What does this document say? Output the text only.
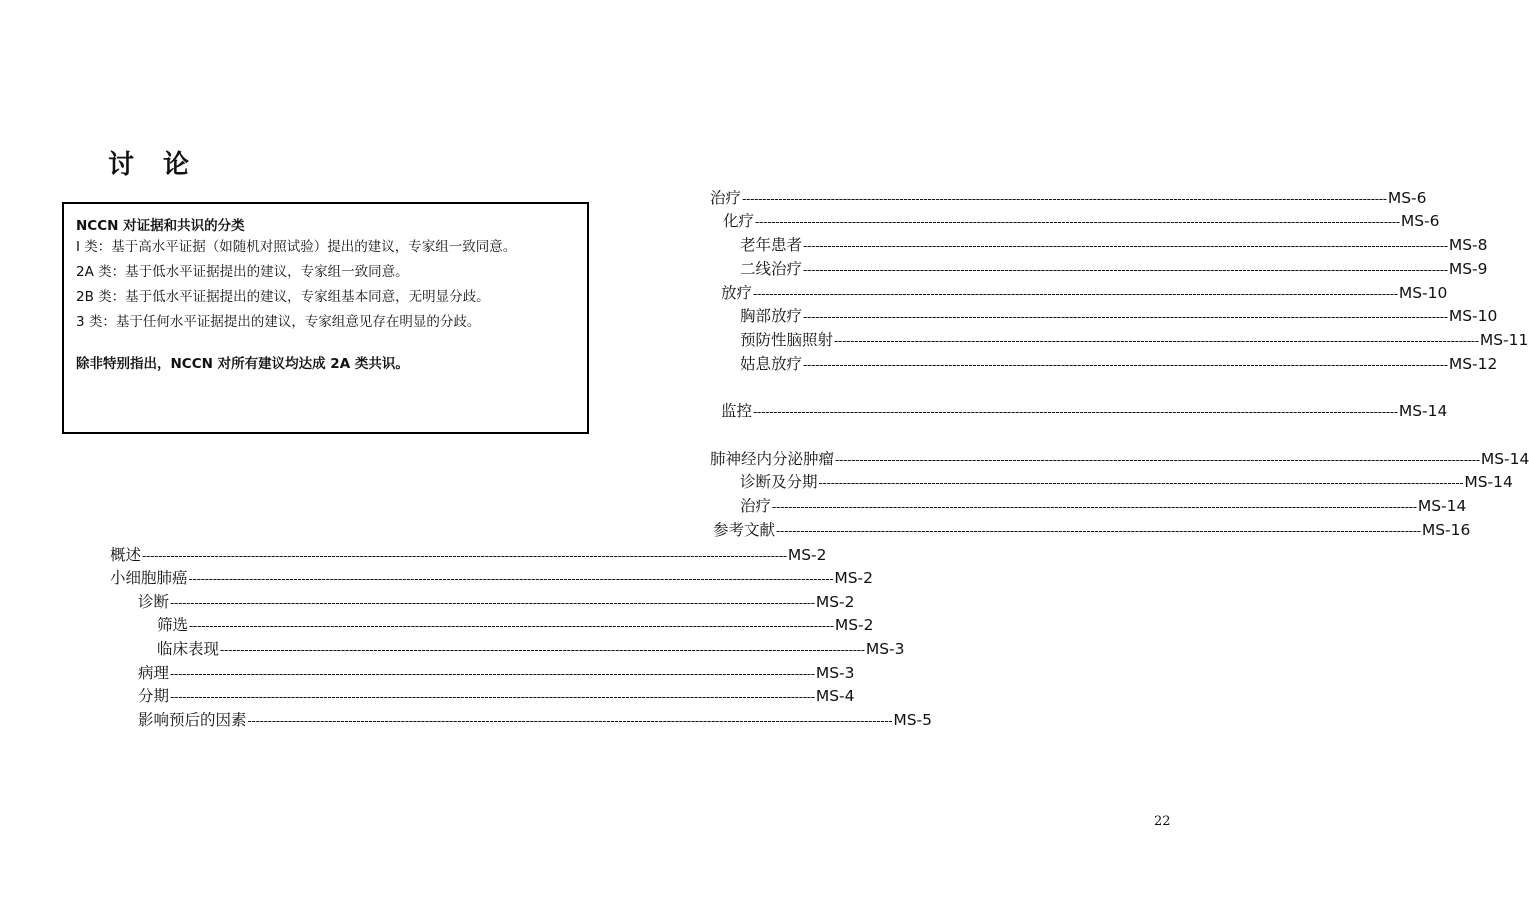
讨 论
NCCN 对证据和共识的分类
I 类：基于高水平证据（如随机对照试验）提出的建议，专家组一致同意。
2A 类：基于低水平证据提出的建议，专家组一致同意。
2B 类：基于低水平证据提出的建议，专家组基本同意，无明显分歧。
3 类：基于任何水平证据提出的建议，专家组意见存在明显的分歧。
除非特别指出，NCCN 对所有建议均达成 2A 类共识。
概述 ---------------------------------------------------------------------------------------------------------------------------------------------------------------- MS-2
小细胞肺癌 ---------------------------------------------------------------------------------------------------------------------------------------------------------------- MS-2
诊断 ---------------------------------------------------------------------------------------------------------------------------------------------------------------- MS-2
筛选 ---------------------------------------------------------------------------------------------------------------------------------------------------------------- MS-2
临床表现 ---------------------------------------------------------------------------------------------------------------------------------------------------------------- MS-3
病理 ---------------------------------------------------------------------------------------------------------------------------------------------------------------- MS-3
分期 ---------------------------------------------------------------------------------------------------------------------------------------------------------------- MS-4
影响预后的因素 ---------------------------------------------------------------------------------------------------------------------------------------------------------------- MS-5
治疗 ---------------------------------------------------------------------------------------------------------------------------------------------------------------- MS-6
化疗 ---------------------------------------------------------------------------------------------------------------------------------------------------------------- MS-6
老年患者 ---------------------------------------------------------------------------------------------------------------------------------------------------------------- MS-8
二线治疗 ---------------------------------------------------------------------------------------------------------------------------------------------------------------- MS-9
放疗 ---------------------------------------------------------------------------------------------------------------------------------------------------------------- MS-10
胸部放疗 ---------------------------------------------------------------------------------------------------------------------------------------------------------------- MS-10
预防性脑照射 ---------------------------------------------------------------------------------------------------------------------------------------------------------------- MS-11
姑息放疗 ---------------------------------------------------------------------------------------------------------------------------------------------------------------- MS-12
监控 ---------------------------------------------------------------------------------------------------------------------------------------------------------------- MS-14
肺神经内分泌肿瘤 ---------------------------------------------------------------------------------------------------------------------------------------------------------------- MS-14
诊断及分期 ---------------------------------------------------------------------------------------------------------------------------------------------------------------- MS-14
治疗 ---------------------------------------------------------------------------------------------------------------------------------------------------------------- MS-14
参考文献 ---------------------------------------------------------------------------------------------------------------------------------------------------------------- MS-16
22
